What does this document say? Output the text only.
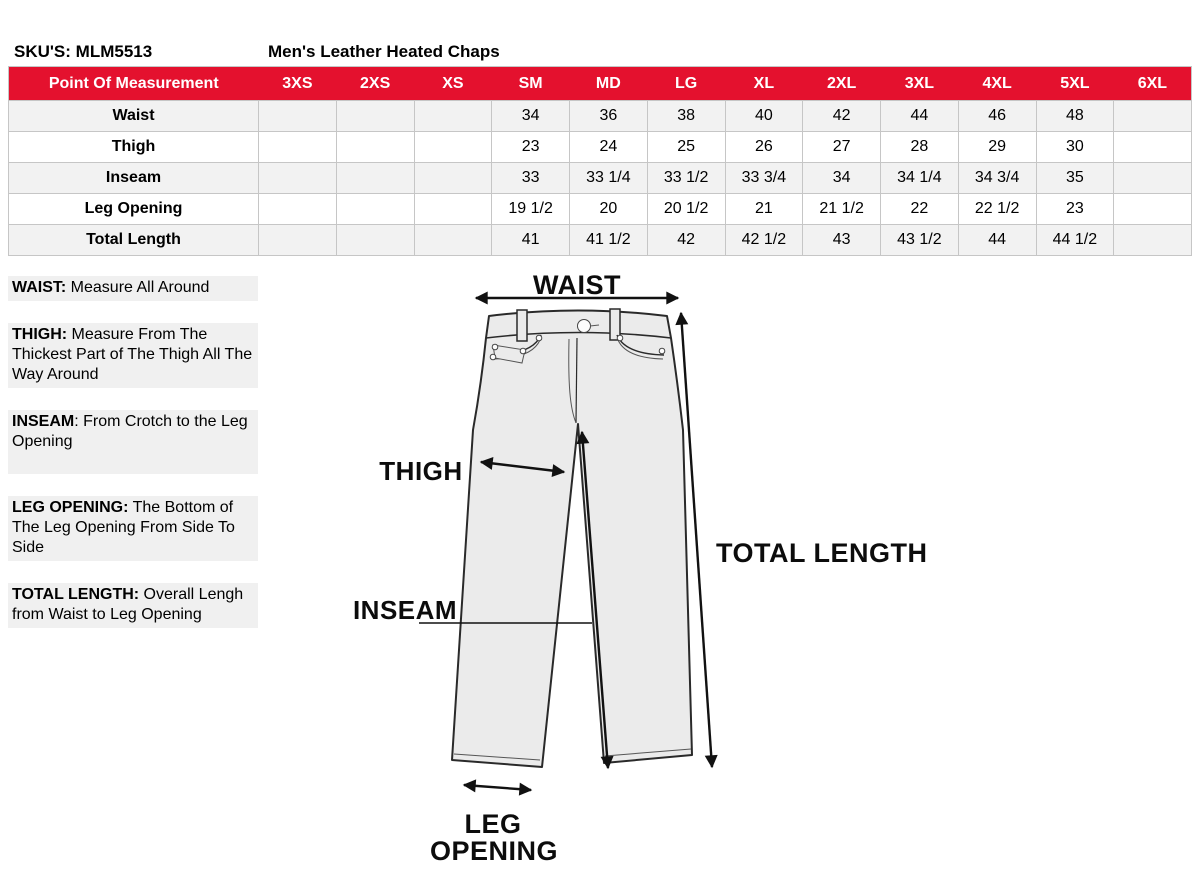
SKU'S: MLM5513	Men's Leather Heated Chaps
Point Of Measurement	3XS	2XS	XS	SM	MD	LG	XL	2XL	3XL	4XL	5XL	6XL
Waist				34	36	38	40	42	44	46	48	
Thigh				23	24	25	26	27	28	29	30	
Inseam				33	33 1/4	33 1/2	33 3/4	34	34 1/4	34 3/4	35	
Leg Opening				19 1/2	20	20 1/2	21	21 1/2	22	22 1/2	23	
Total Length				41	41 1/2	42	42 1/2	43	43 1/2	44	44 1/2	
WAIST: Measure All Around
THIGH: Measure From The Thickest Part of The Thigh All The Way Around
INSEAM: From Crotch to the Leg Opening
LEG OPENING: The Bottom of The Leg Opening From Side To Side
TOTAL LENGTH: Overall Lengh from Waist to Leg Opening
WAIST
THIGH
INSEAM
TOTAL LENGTH
LEG
OPENING
